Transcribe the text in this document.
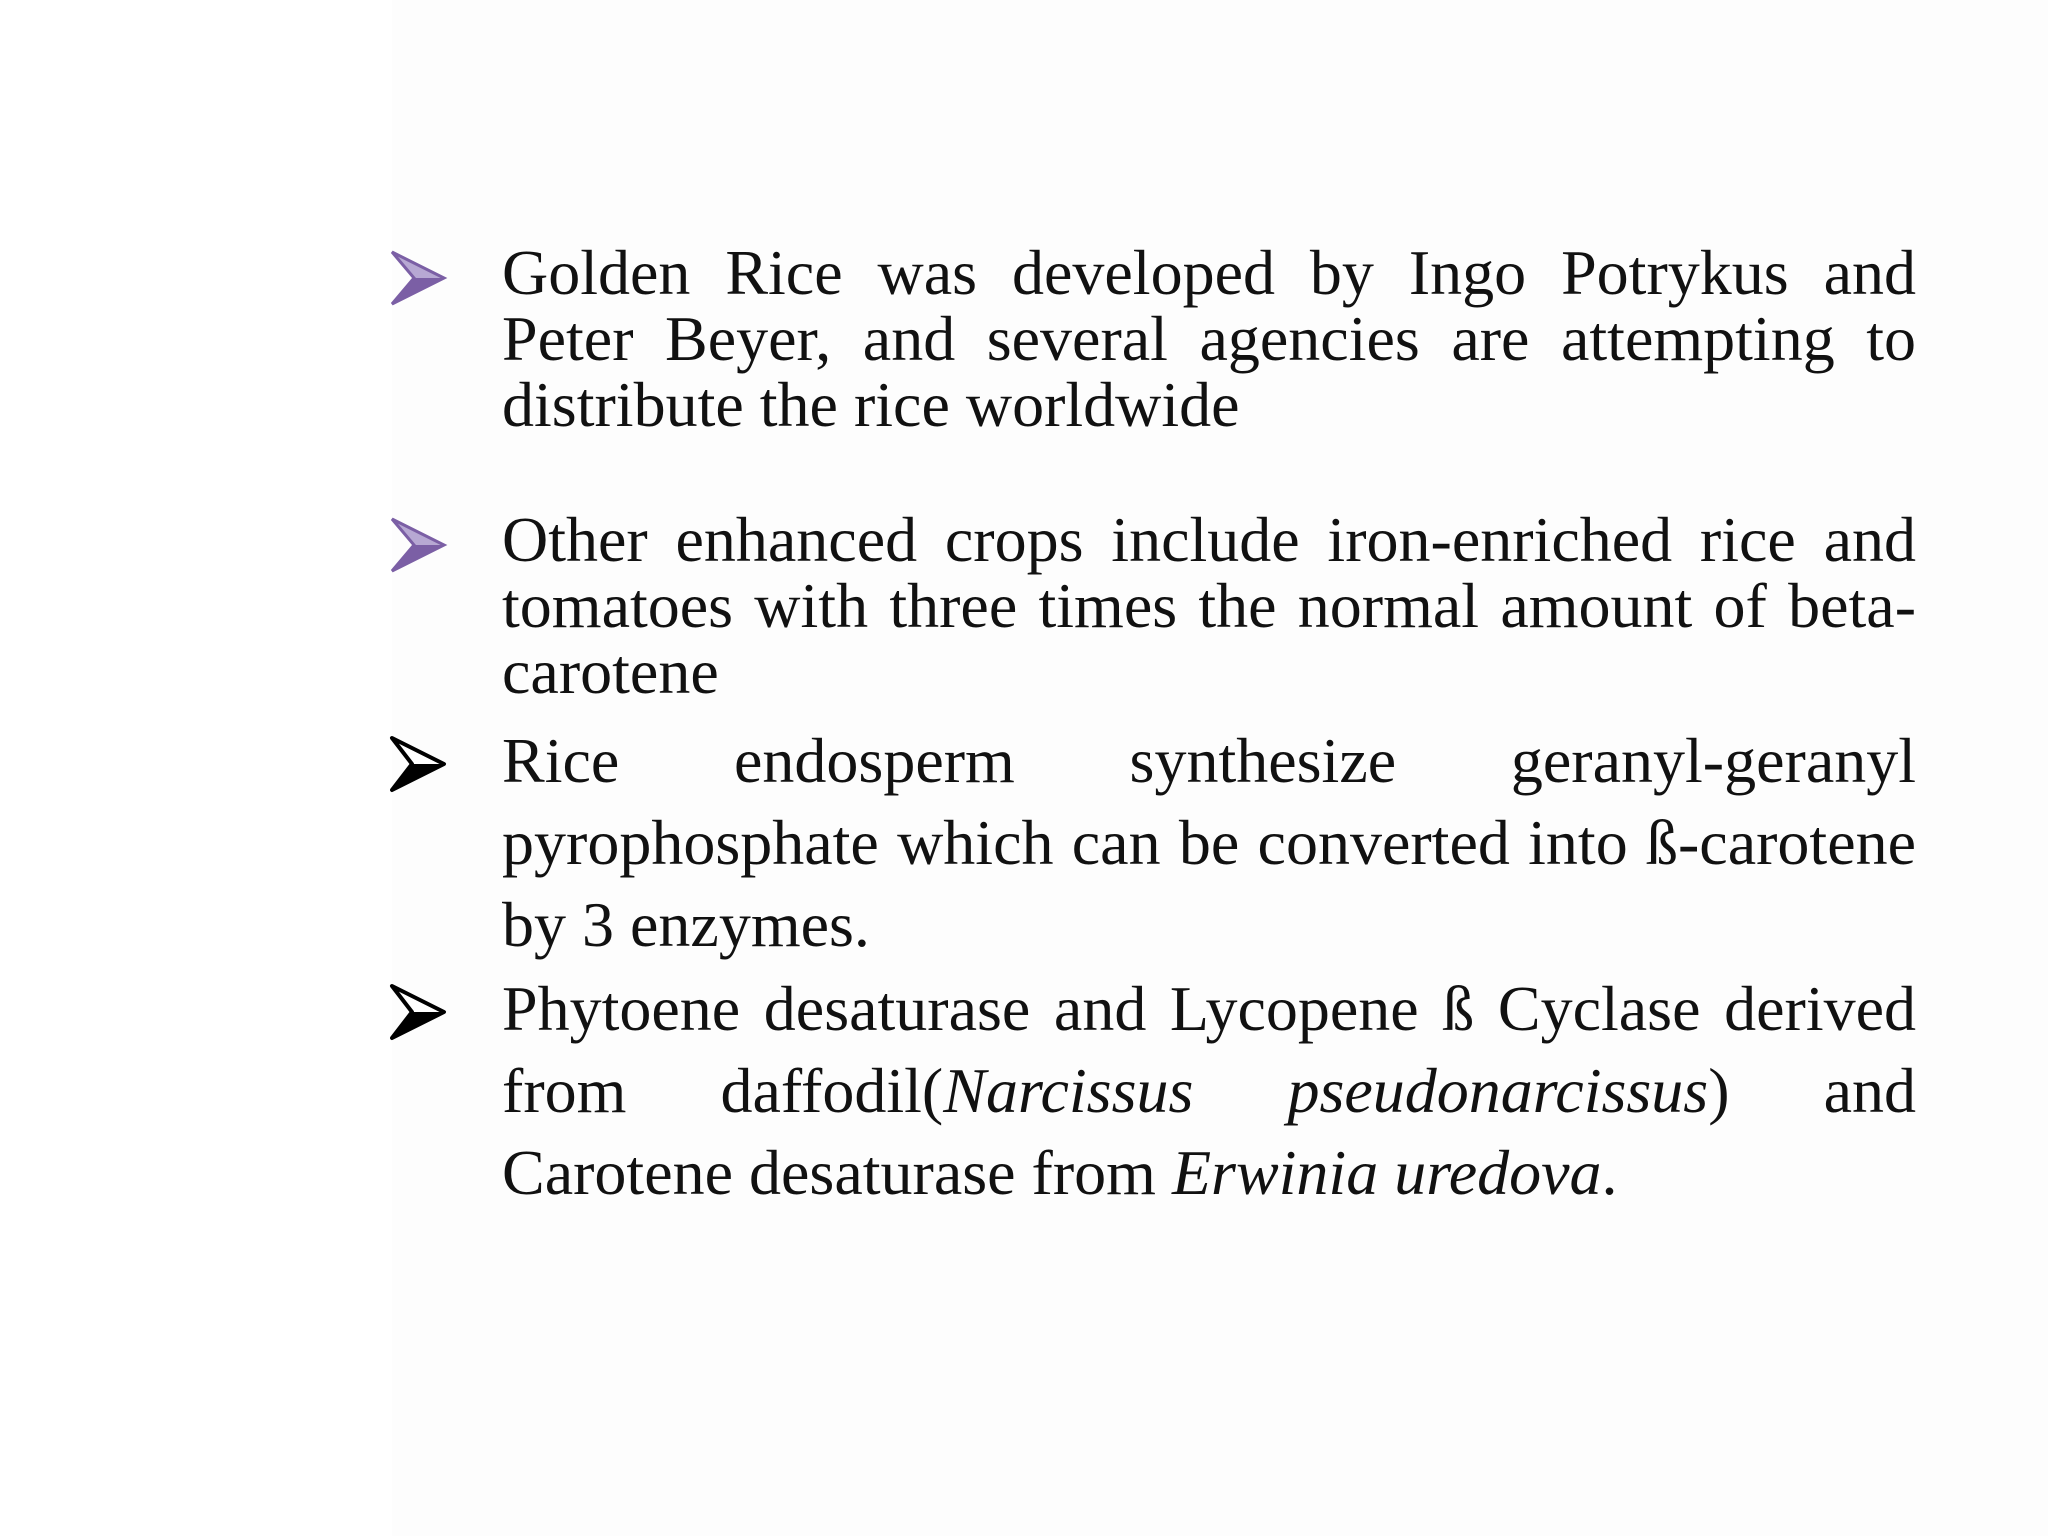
Golden Rice was developed by Ingo Potrykus and Peter Beyer, and several agencies are attempting to distribute the rice worldwide
Other enhanced crops include iron-enriched rice and tomatoes with three times the normal amount of beta-carotene
Rice endosperm synthesize geranyl-geranyl pyrophosphate which can be converted into ß-carotene by 3 enzymes.
Phytoene desaturase and Lycopene ß Cyclase derived from daffodil(Narcissus pseudonarcissus) and Carotene desaturase from Erwinia uredova.
